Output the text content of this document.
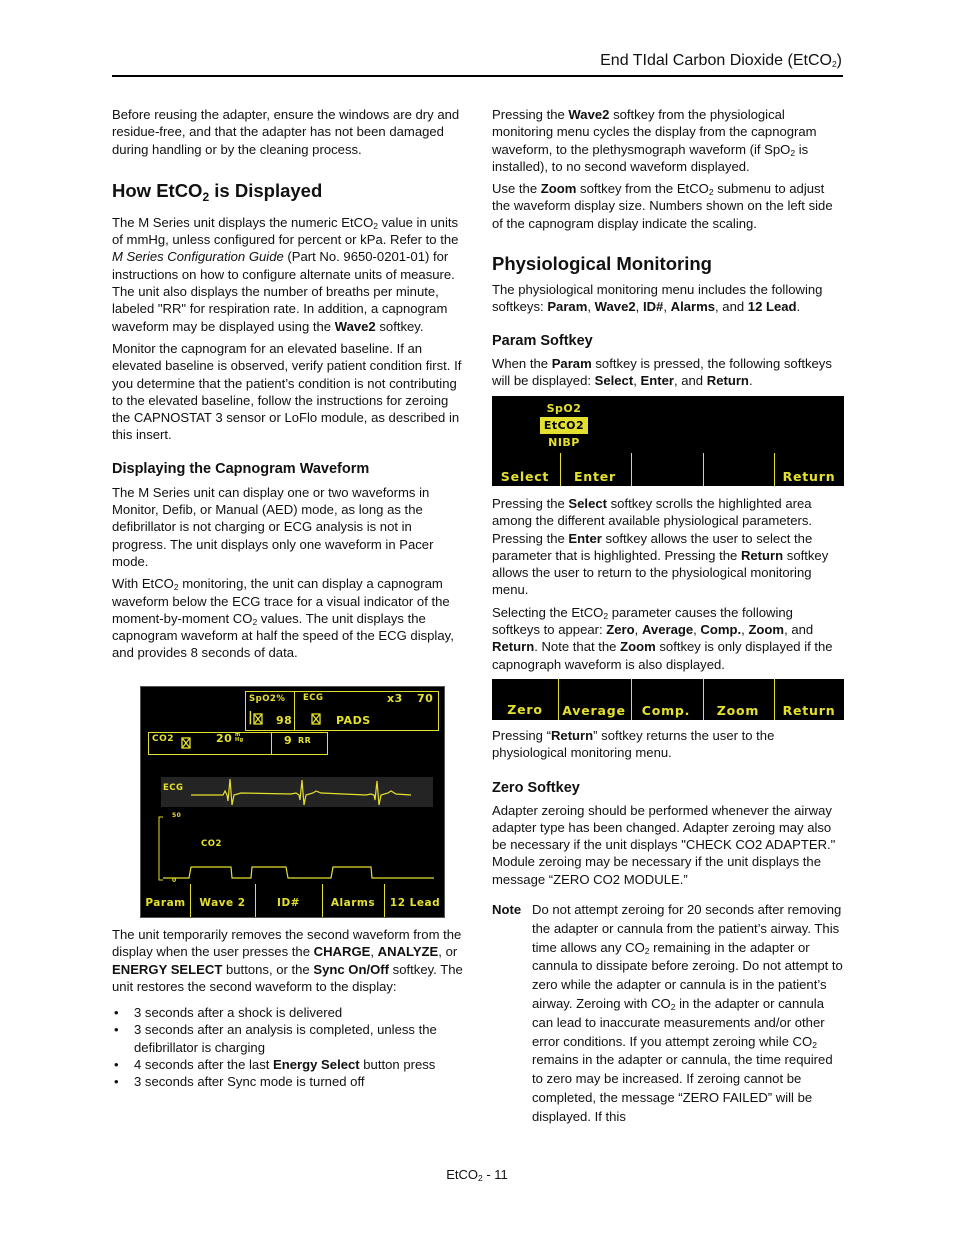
End TIdal Carbon Dioxide (EtCO$_2$)

Before reusing the adapter, ensure the windows are dry and residue-free, and that the adapter has not been damaged during handling or by the cleaning process.

How EtCO$_2$ is Displayed

The M Series unit displays the numeric EtCO$_2$ value in units of mmHg, unless configured for percent or kPa. Refer to the M Series Configuration Guide (Part No. 9650-0201-01) for instructions on how to configure alternate units of measure. The unit also displays the number of breaths per minute, labeled "RR" for respiration rate. In addition, a capnogram waveform may be displayed using the Wave2 softkey.

Monitor the capnogram for an elevated baseline. If an elevated baseline is observed, verify patient condition first. If you determine that the patient’s condition is not contributing to the elevated baseline, follow the instructions for zeroing the CAPNOSTAT 3 sensor or LoFlo module, as described in this insert.

Displaying the Capnogram Waveform

The M Series unit can display one or two waveforms in Monitor, Defib, or Manual (AED) mode, as long as the defibrillator is not charging or ECG analysis is not in progress. The unit displays only one waveform in Pacer mode.

With EtCO$_2$ monitoring, the unit can display a capnogram waveform below the ECG trace for a visual indicator of the moment-by-moment $CO_2$ values. The unit displays the capnogram waveform at half the speed of the ECG display, and provides 8 seconds of data.

SpO2% ECG	x3 70
| 98	PADS
CO2	20 m
Hg	9 RR
ECG
50
CO2
0
Param	Wave 2	ID#	Alarms	12 Lead

The unit temporarily removes the second waveform from the display when the user presses the CHARGE, ANALYZE, or ENERGY SELECT buttons, or the Sync On/Off softkey. The unit restores the second waveform to the display:

• 3 seconds after a shock is delivered
• 3 seconds after an analysis is completed, unless the defibrillator is charging
• 4 seconds after the last Energy Select button press
• 3 seconds after Sync mode is turned off

Pressing the Wave2 softkey from the physiological monitoring menu cycles the display from the capnogram waveform, to the plethysmograph waveform (if SpO$_2$ is installed), to no second waveform displayed.

Use the Zoom softkey from the EtCO$_2$ submenu to adjust the waveform display size. Numbers shown on the left side of the capnogram display indicate the scaling.

Physiological Monitoring

The physiological monitoring menu includes the following softkeys: Param, Wave2, ID#, Alarms, and 12 Lead.

Param Softkey

When the Param softkey is pressed, the following softkeys will be displayed: Select, Enter, and Return.

SpO2
EtCO2
NIBP
Select	Enter	Return

Pressing the Select softkey scrolls the highlighted area among the different available physiological parameters. Pressing the Enter softkey allows the user to select the parameter that is highlighted. Pressing the Return softkey allows the user to return to the physiological monitoring menu.

Selecting the EtCO$_2$ parameter causes the following softkeys to appear: Zero, Average, Comp., Zoom, and Return. Note that the Zoom softkey is only displayed if the capnograph waveform is also displayed.

Zero	Average	Comp.	Zoom	Return

Pressing “Return” softkey returns the user to the physiological monitoring menu.

Zero Softkey

Adapter zeroing should be performed whenever the airway adapter type has been changed. Adapter zeroing may also be necessary if the unit displays "CHECK CO2 ADAPTER." Module zeroing may be necessary if the unit displays the message “ZERO CO2 MODULE.”

Note Do not attempt zeroing for 20 seconds after removing the adapter or cannula from the patient’s airway. This time allows any $CO_2$ remaining in the adapter or cannula to dissipate before zeroing. Do not attempt to zero while the adapter or cannula is in the patient’s airway. Zeroing with $CO_2$ in the adapter or cannula can lead to inaccurate measurements and/or other error conditions. If you attempt zeroing while $CO_2$ remains in the adapter or cannula, the time required to zero may be increased. If zeroing cannot be completed, the message “ZERO FAILED” will be displayed. If this
EtCO$_2$ - 11
